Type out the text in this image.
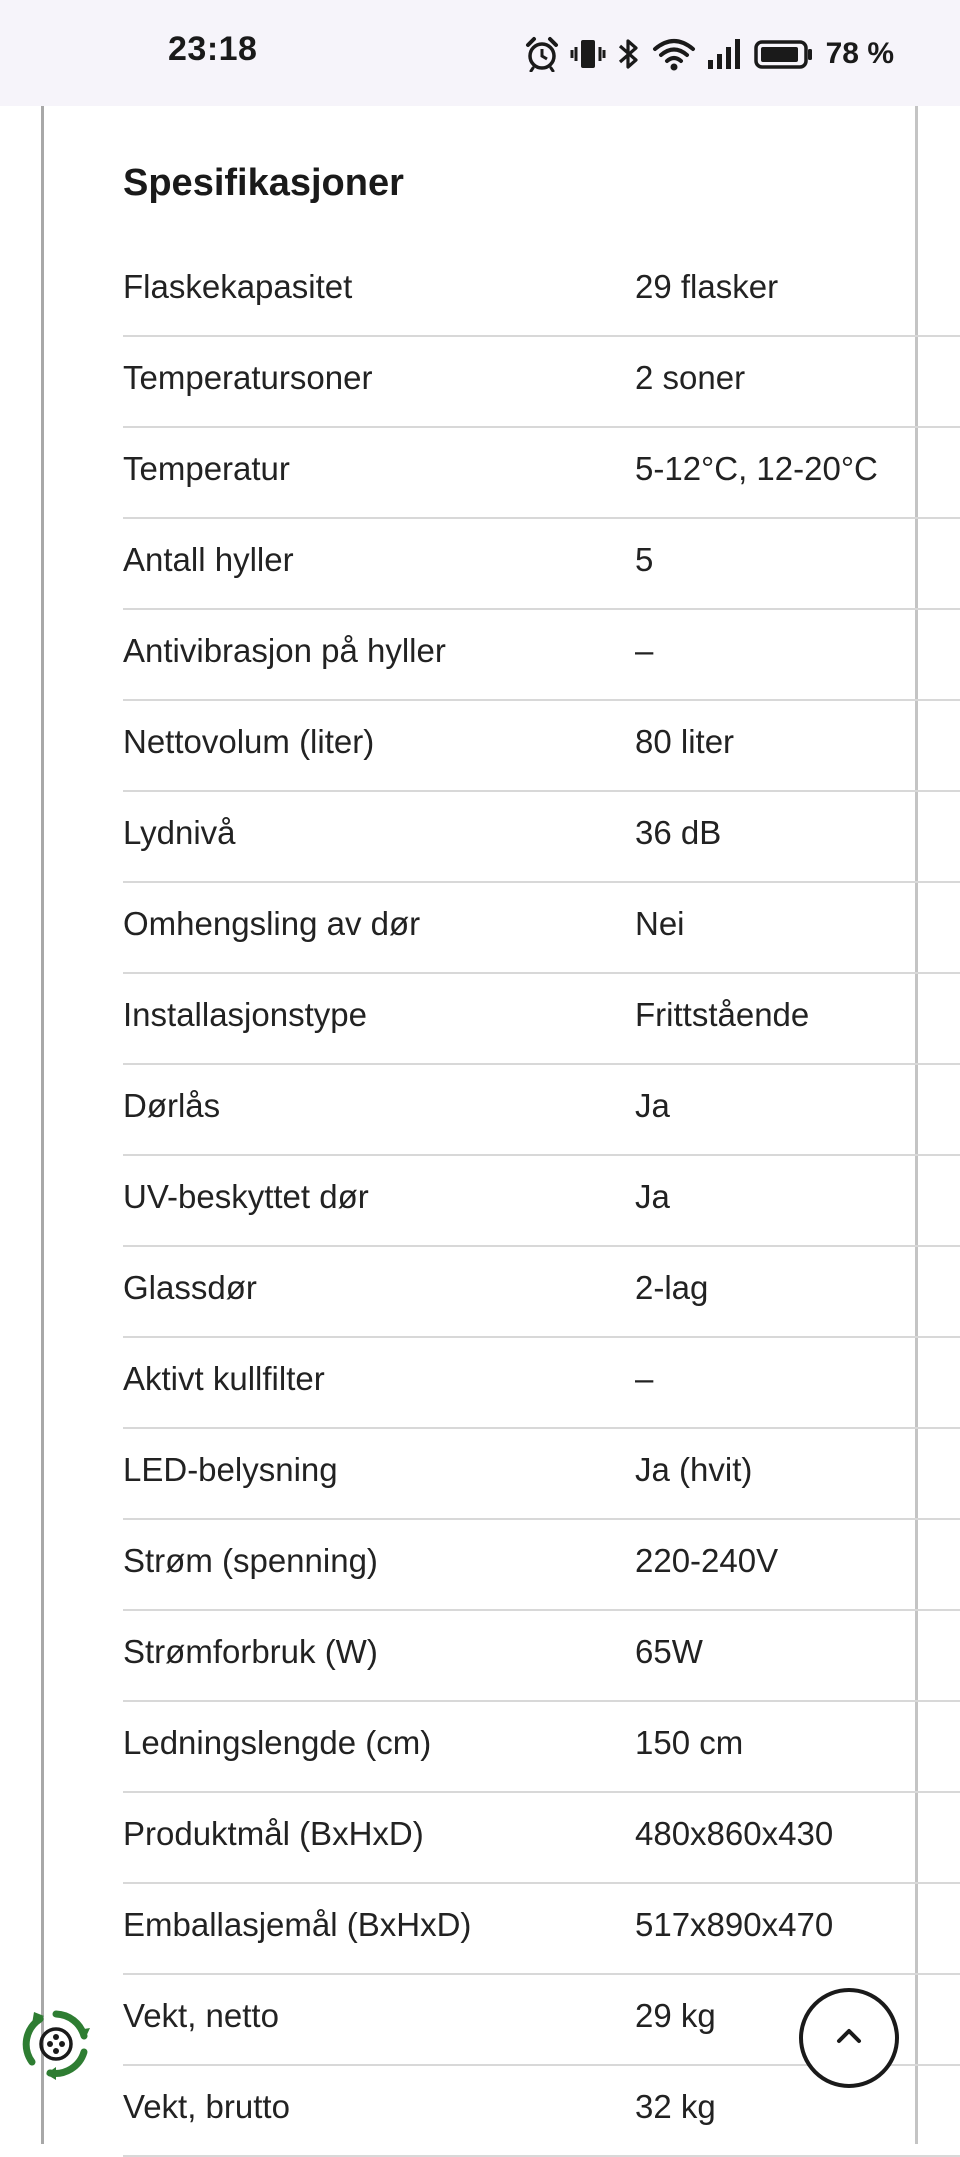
23:18	78 %
Spesifikasjoner
Flaskekapasitet	29 flasker
Temperatursoner	2 soner
Temperatur	5-12°C, 12-20°C
Antall hyller	5
Antivibrasjon på hyller	–
Nettovolum (liter)	80 liter
Lydnivå	36 dB
Omhengsling av dør	Nei
Installasjonstype	Frittstående
Dørlås	Ja
UV-beskyttet dør	Ja
Glassdør	2-lag
Aktivt kullfilter	–
LED-belysning	Ja (hvit)
Strøm (spenning)	220-240V
Strømforbruk (W)	65W
Ledningslengde (cm)	150 cm
Produktmål (BxHxD)	480x860x430
Emballasjemål (BxHxD)	517x890x470
Vekt, netto	29 kg
Vekt, brutto	32 kg
